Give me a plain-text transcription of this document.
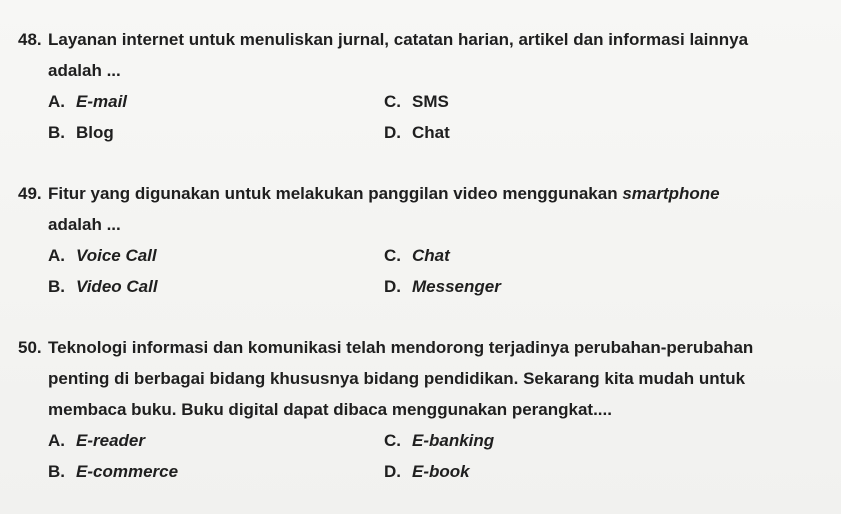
48. Layanan internet untuk menuliskan jurnal, catatan harian, artikel dan informasi lainnya
adalah ...
A. E-mail	C. SMS
B. Blog	D. Chat
49. Fitur yang digunakan untuk melakukan panggilan video menggunakan smartphone
adalah ...
A. Voice Call	C. Chat
B. Video Call	D. Messenger
50. Teknologi informasi dan komunikasi telah mendorong terjadinya perubahan-perubahan
penting di berbagai bidang khususnya bidang pendidikan. Sekarang kita mudah untuk
membaca buku. Buku digital dapat dibaca menggunakan perangkat....
A. E-reader	C. E-banking
B. E-commerce	D. E-book
